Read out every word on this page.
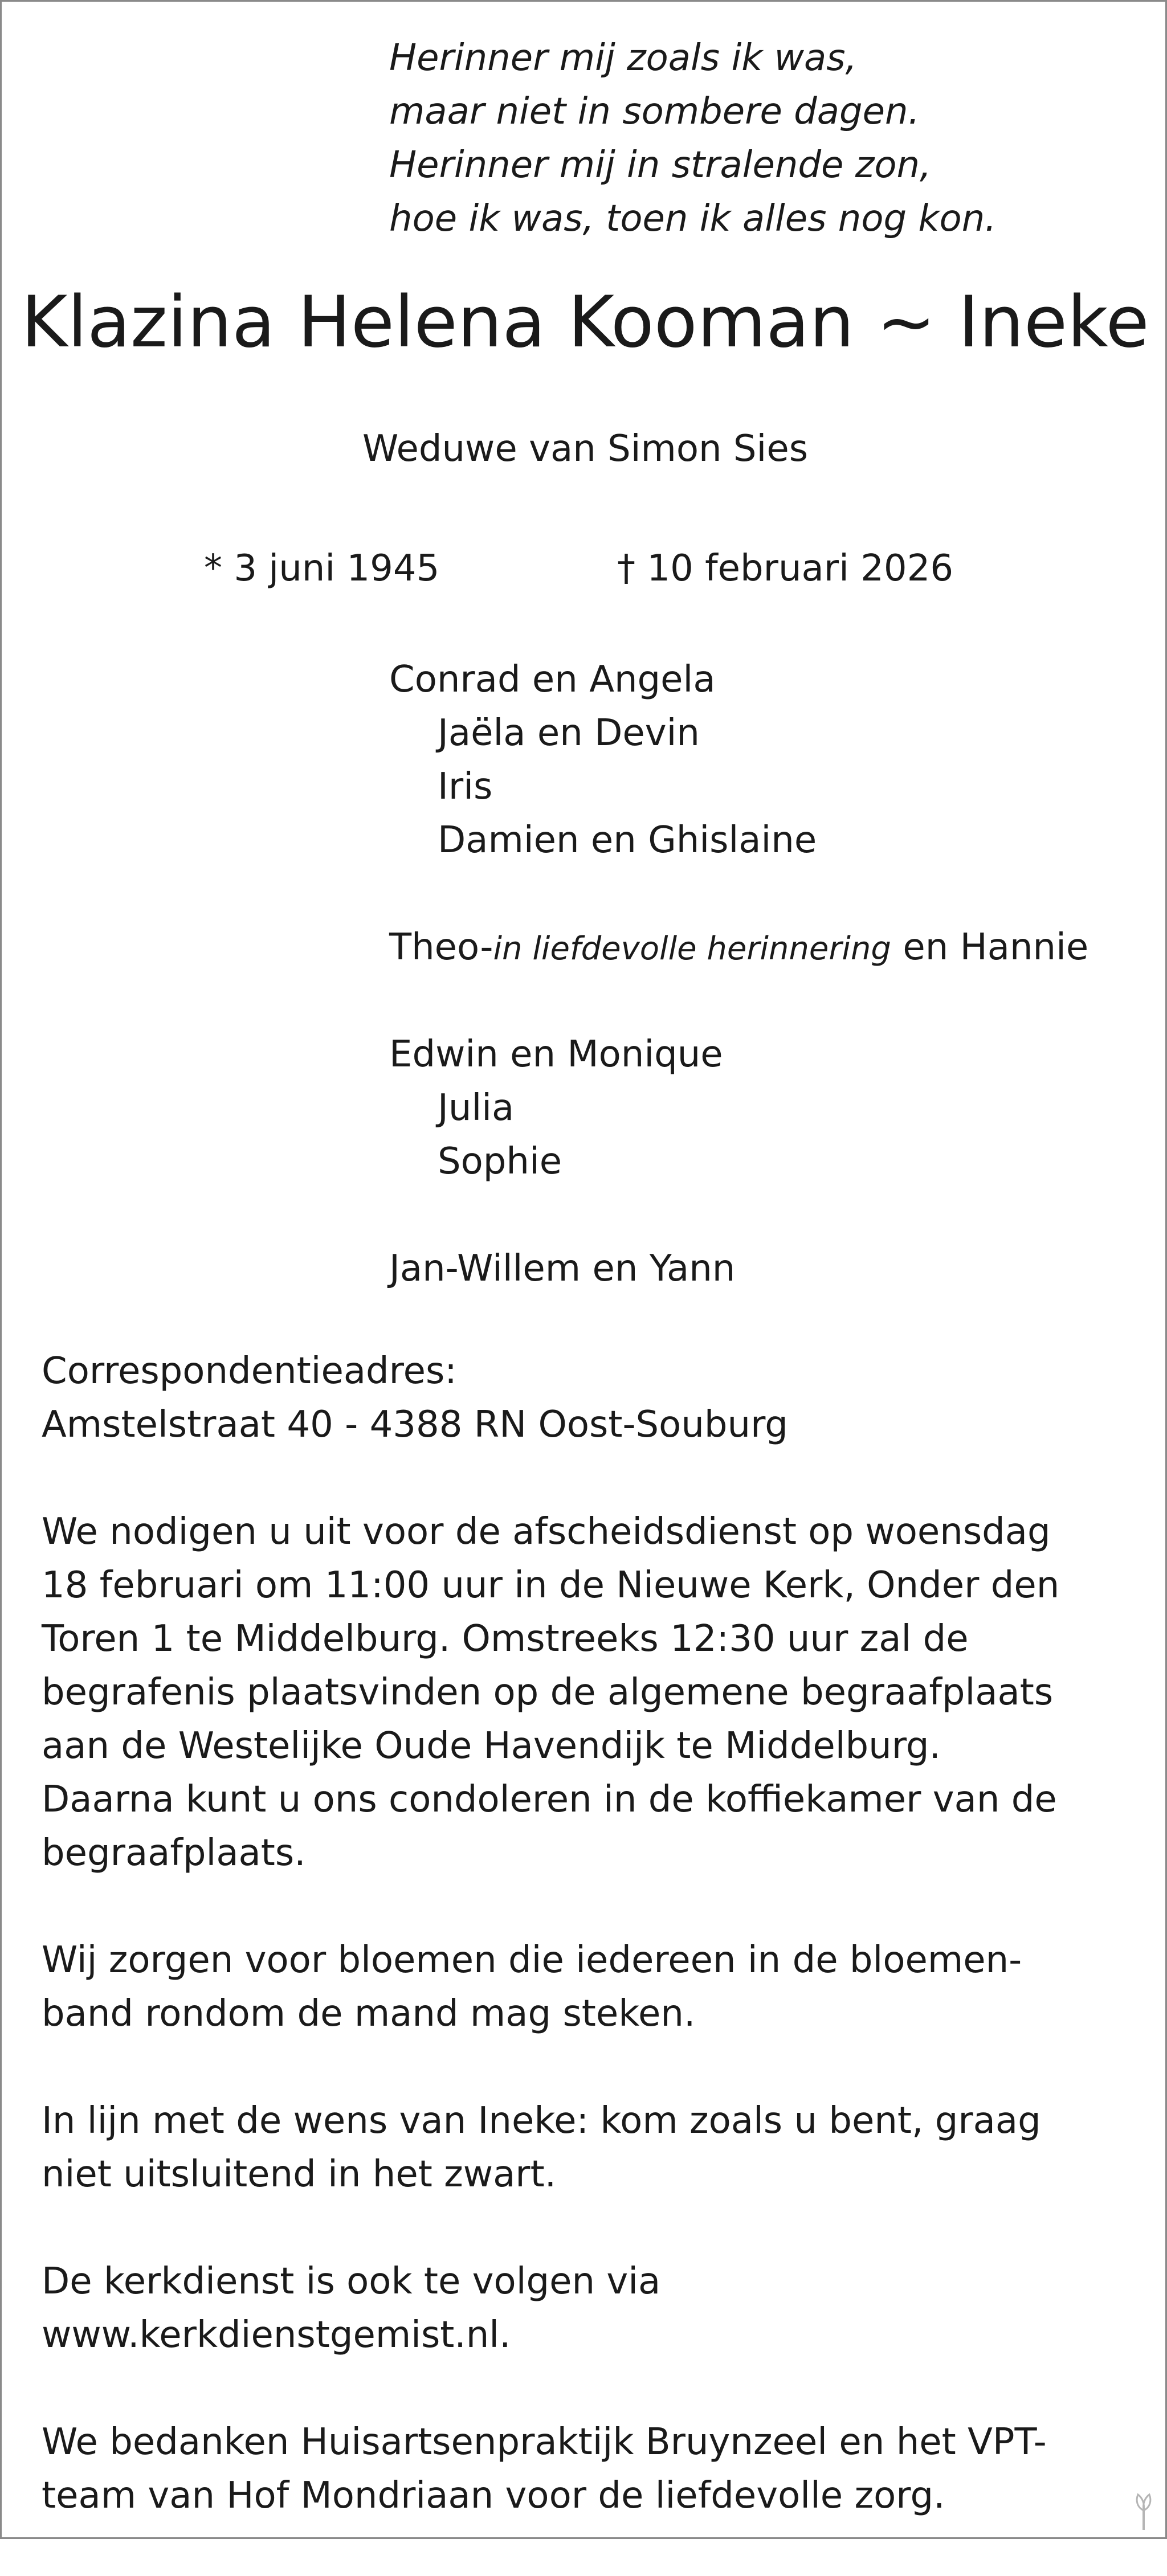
Herinner mij zoals ik was,
maar niet in sombere dagen.
Herinner mij in stralende zon,
hoe ik was, toen ik alles nog kon.
Klazina Helena Kooman ~ Ineke
Weduwe van Simon Sies
* 3 juni 1945	† 10 februari 2026
Conrad en Angela
Jaëla en Devin
Iris
Damien en Ghislaine
Theo-in liefdevolle herinnering en Hannie
Edwin en Monique
Julia
Sophie
Jan-Willem en Yann
Correspondentieadres:
Amstelstraat 40 - 4388 RN Oost-Souburg
We nodigen u uit voor de afscheidsdienst op woensdag
18 februari om 11:00 uur in de Nieuwe Kerk, Onder den
Toren 1 te Middelburg. Omstreeks 12:30 uur zal de
begrafenis plaatsvinden op de algemene begraafplaats
aan de Westelijke Oude Havendijk te Middelburg.
Daarna kunt u ons condoleren in de koffiekamer van de
begraafplaats.
Wij zorgen voor bloemen die iedereen in de bloemen-
band rondom de mand mag steken.
In lijn met de wens van Ineke: kom zoals u bent, graag
niet uitsluitend in het zwart.
De kerkdienst is ook te volgen via
www.kerkdienstgemist.nl.
We bedanken Huisartsenpraktijk Bruynzeel en het VPT-
team van Hof Mondriaan voor de liefdevolle zorg.
